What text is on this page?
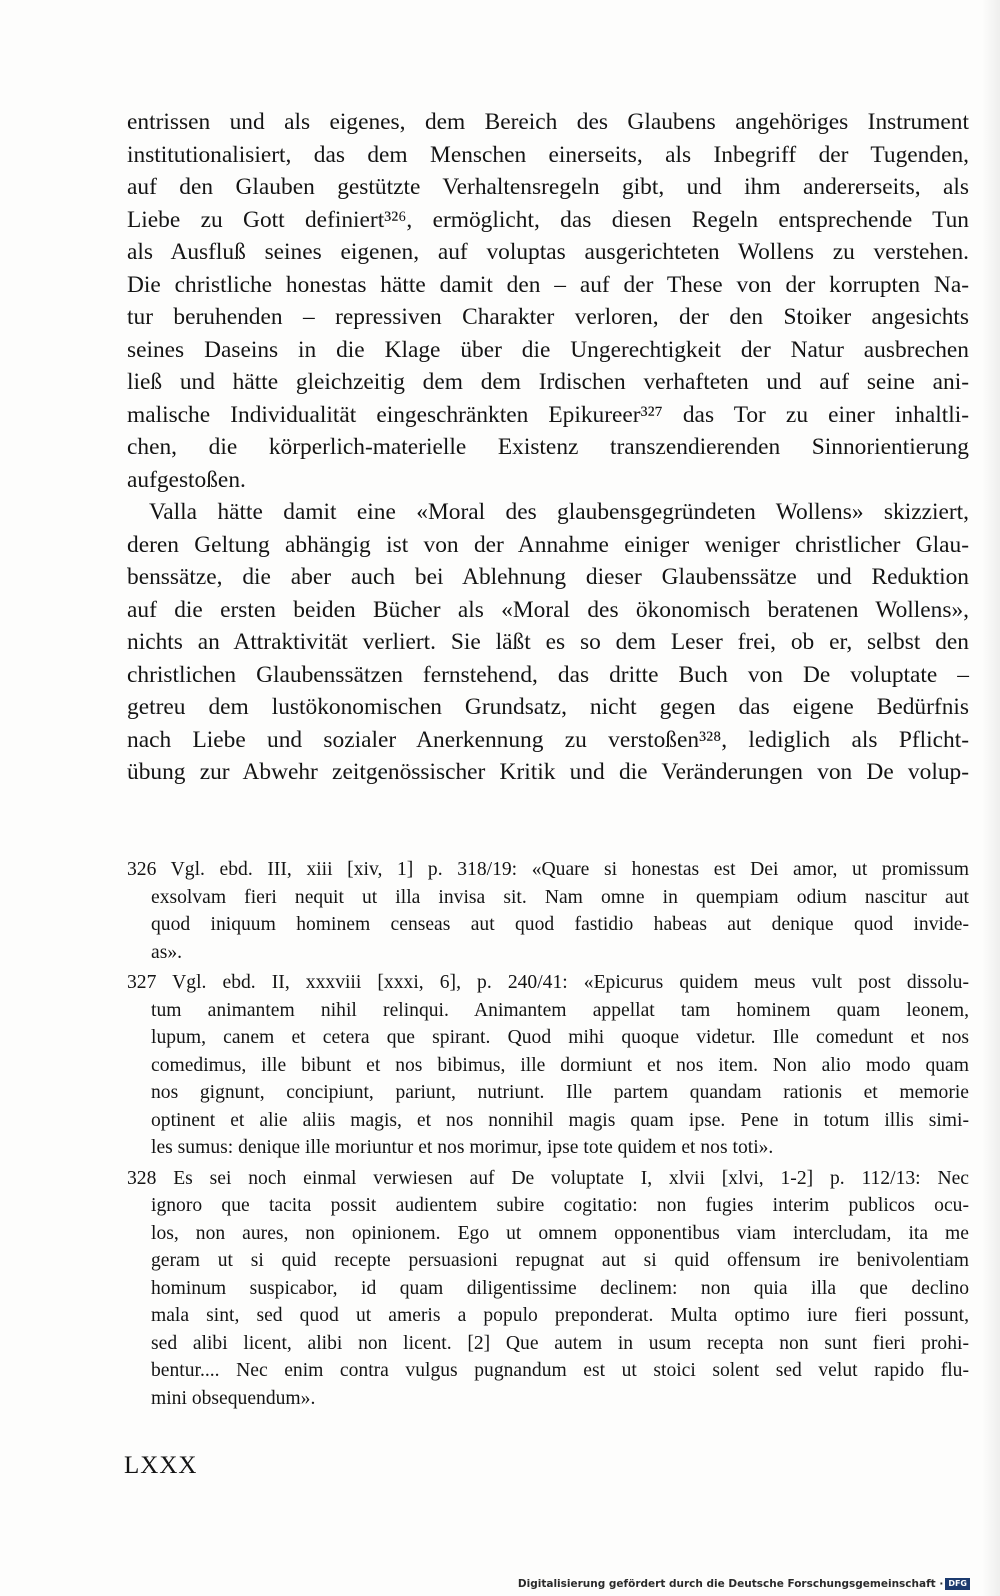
entrissen und als eigenes, dem Bereich des Glaubens angehöriges Instrument

institutionalisiert, das dem Menschen einerseits, als Inbegriff der Tugenden,

auf den Glauben gestützte Verhaltensregeln gibt, und ihm andererseits, als

Liebe zu Gott definiert³²⁶, ermöglicht, das diesen Regeln entsprechende Tun

als Ausfluß seines eigenen, auf voluptas ausgerichteten Wollens zu verstehen.

Die christliche honestas hätte damit den – auf der These von der korrupten Na-

tur beruhenden – repressiven Charakter verloren, der den Stoiker angesichts

seines Daseins in die Klage über die Ungerechtigkeit der Natur ausbrechen

ließ und hätte gleichzeitig dem dem Irdischen verhafteten und auf seine ani-

malische Individualität eingeschränkten Epikureer³²⁷ das Tor zu einer inhaltli-

chen, die körperlich-materielle Existenz transzendierenden Sinnorientierung

aufgestoßen.

Valla hätte damit eine «Moral des glaubensgegründeten Wollens» skizziert,

deren Geltung abhängig ist von der Annahme einiger weniger christlicher Glau-

benssätze, die aber auch bei Ablehnung dieser Glaubenssätze und Reduktion

auf die ersten beiden Bücher als «Moral des ökonomisch beratenen Wollens»,

nichts an Attraktivität verliert. Sie läßt es so dem Leser frei, ob er, selbst den

christlichen Glaubenssätzen fernstehend, das dritte Buch von De voluptate –

getreu dem lustökonomischen Grundsatz, nicht gegen das eigene Bedürfnis

nach Liebe und sozialer Anerkennung zu verstoßen³²⁸, lediglich als Pflicht-

übung zur Abwehr zeitgenössischer Kritik und die Veränderungen von De volup-

326 Vgl. ebd. III, xiii [xiv, 1] p. 318/19: «Quare si honestas est Dei amor, ut promissum
exsolvam fieri nequit ut illa invisa sit. Nam omne in quempiam odium nascitur aut
quod iniquum hominem censeas aut quod fastidio habeas aut denique quod invide-
as».
327 Vgl. ebd. II, xxxviii [xxxi, 6], p. 240/41: «Epicurus quidem meus vult post dissolu-
tum animantem nihil relinqui. Animantem appellat tam hominem quam leonem,
lupum, canem et cetera que spirant. Quod mihi quoque videtur. Ille comedunt et nos
comedimus, ille bibunt et nos bibimus, ille dormiunt et nos item. Non alio modo quam
nos gignunt, concipiunt, pariunt, nutriunt. Ille partem quandam rationis et memorie
optinent et alie aliis magis, et nos nonnihil magis quam ipse. Pene in totum illis simi-
les sumus: denique ille moriuntur et nos morimur, ipse tote quidem et nos toti».
328 Es sei noch einmal verwiesen auf De voluptate I, xlvii [xlvi, 1-2] p. 112/13: Nec
ignoro que tacita possit audientem subire cogitatio: non fugies interim publicos ocu-
los, non aures, non opinionem. Ego ut omnem opponentibus viam intercludam, ita me
geram ut si quid recepte persuasioni repugnat aut si quid offensum ire benivolentiam
hominum suspicabor, id quam diligentissime declinem: non quia illa que declino
mala sint, sed quod ut ameris a populo preponderat. Multa optimo iure fieri possunt,
sed alibi licent, alibi non licent. [2] Que autem in usum recepta non sunt fieri prohi-
bentur.... Nec enim contra vulgus pugnandum est ut stoici solent sed velut rapido flu-
mini obsequendum».
LXXX
Digitalisierung gefördert durch die Deutsche Forschungsgemeinschaft · DFG
